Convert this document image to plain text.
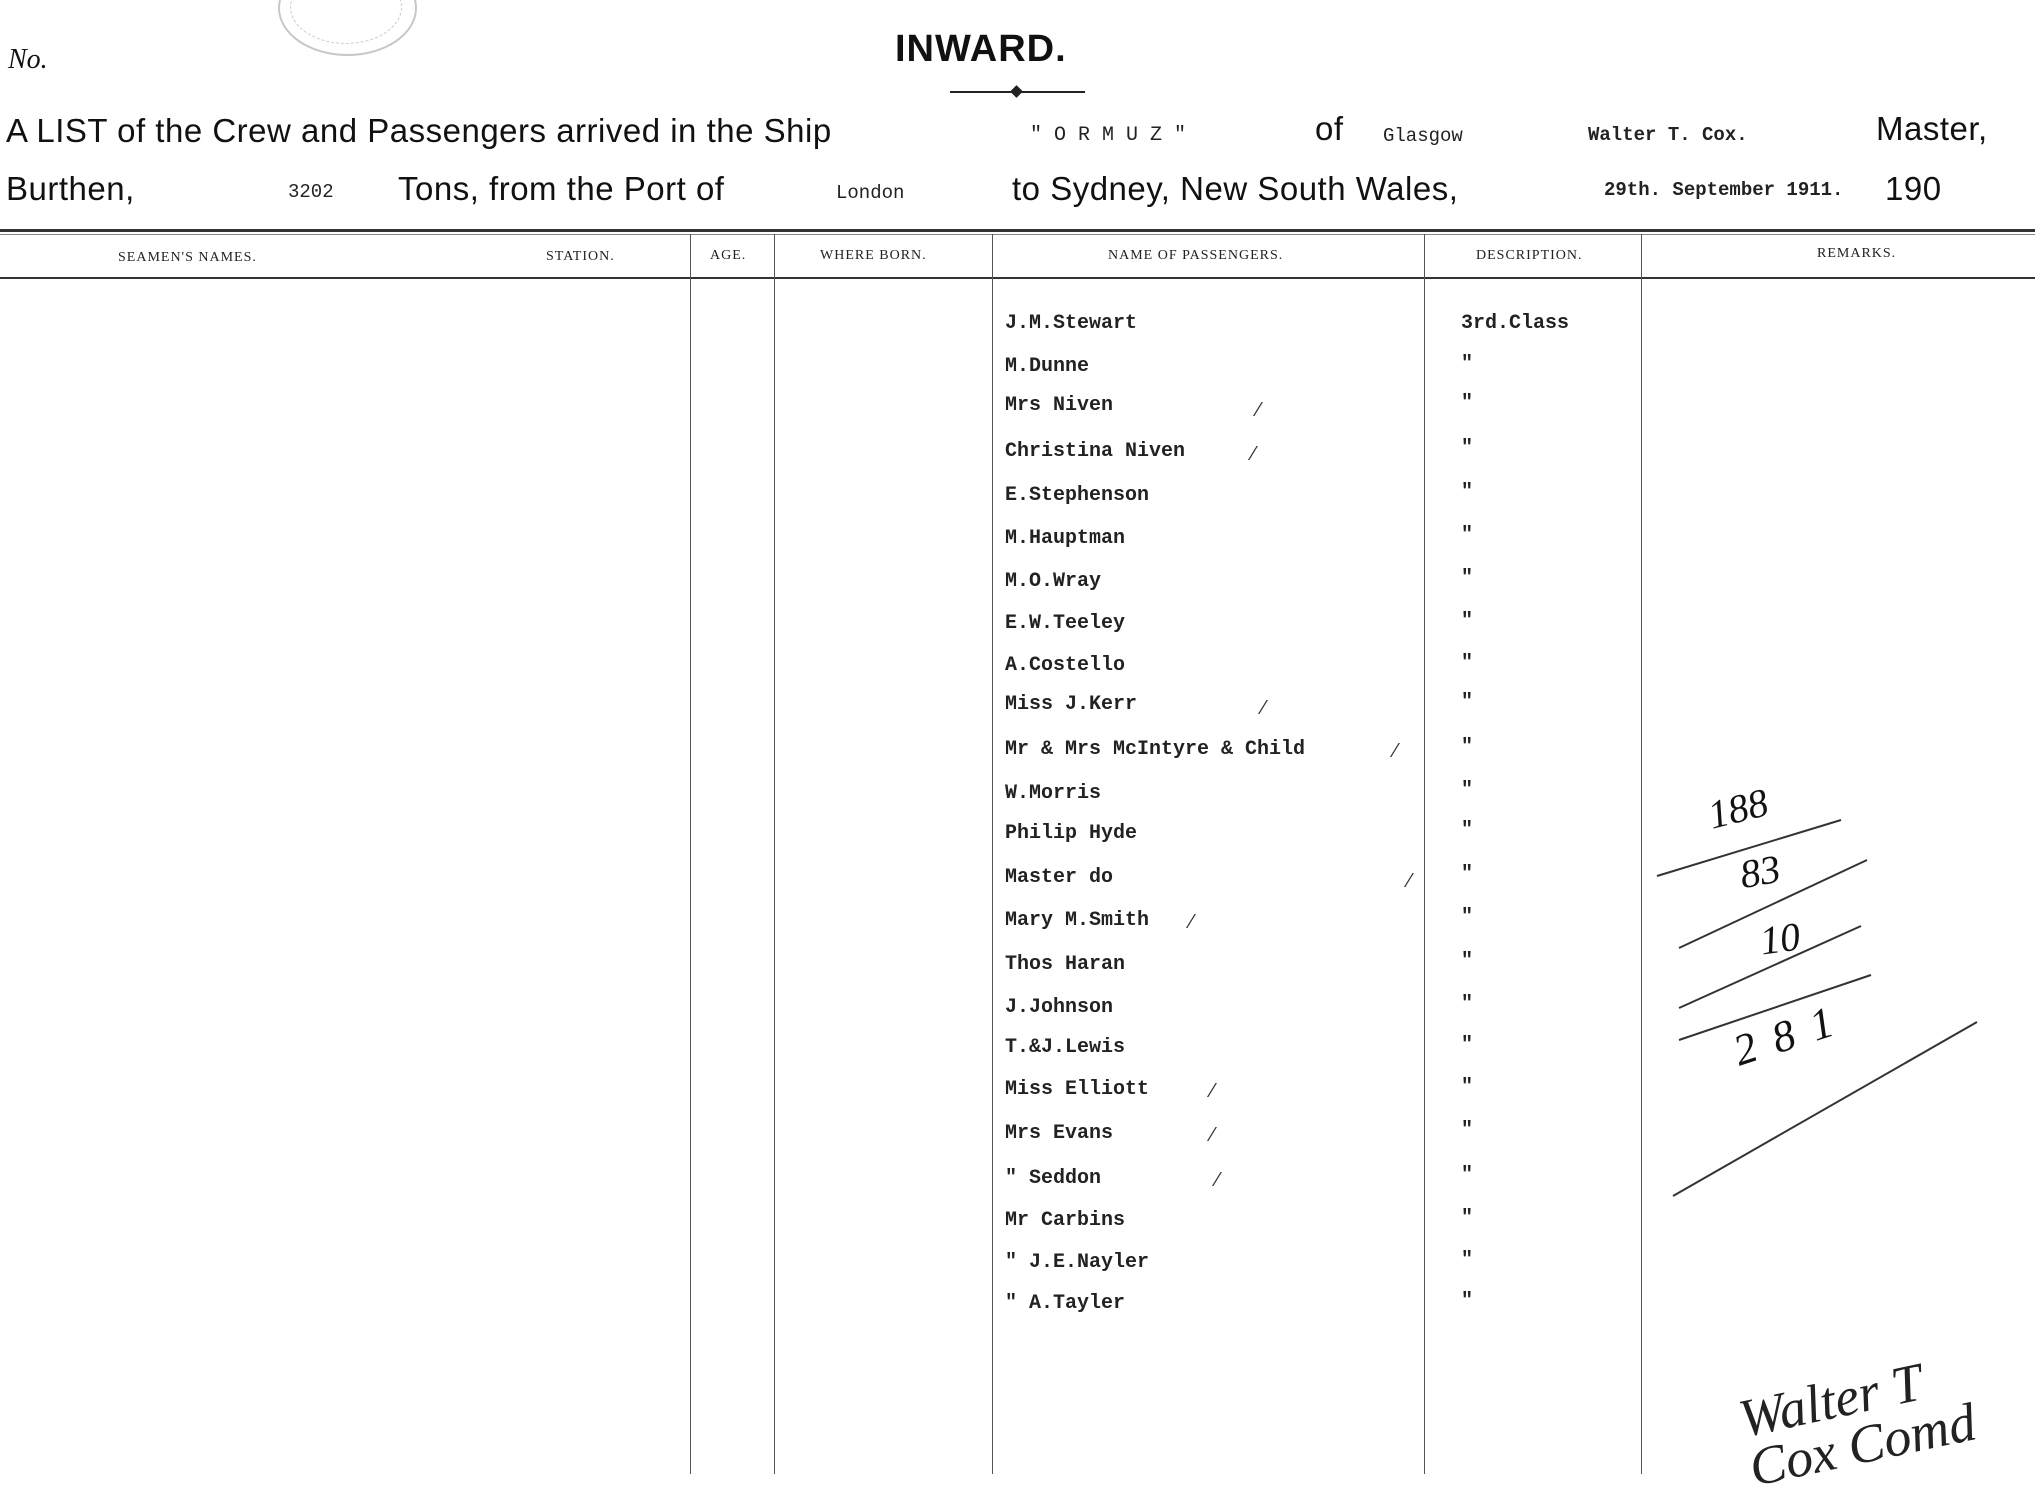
No.	INWARD.
A LIST of the Crew and Passengers arrived in the Ship	" O R M U Z "	of Glasgow	Walter T. Cox.	Master,
Burthen,	3202 Tons, from the Port of	London	to Sydney, New South Wales,	29th. September 1911. 190
SEAMEN'S NAMES.	STATION.	AGE.	WHERE BORN.	NAME OF PASSENGERS.	DESCRIPTION.	REMARKS.
J.M.Stewart	3rd.Class
M.Dunne	"
Mrs Niven	"
Christina Niven	"
E.Stephenson	"
M.Hauptman	"
M.O.Wray	"
E.W.Teeley	"
A.Costello	"
Miss J.Kerr	"
Mr & Mrs McIntyre & Child	"
W.Morris	"
Philip Hyde	"
Master do	"
Mary M.Smith	"
Thos Haran	"
J.Johnson	"
T.&J.Lewis	"
Miss Elliott	"
Mrs Evans	"
" Seddon	"
Mr Carbins	"
" J.E.Nayler	"
" A.Tayler	"
⁄
⁄
⁄
⁄
⁄
⁄
⁄
⁄
⁄
188
83
10
281
Walter T Cox Comd
